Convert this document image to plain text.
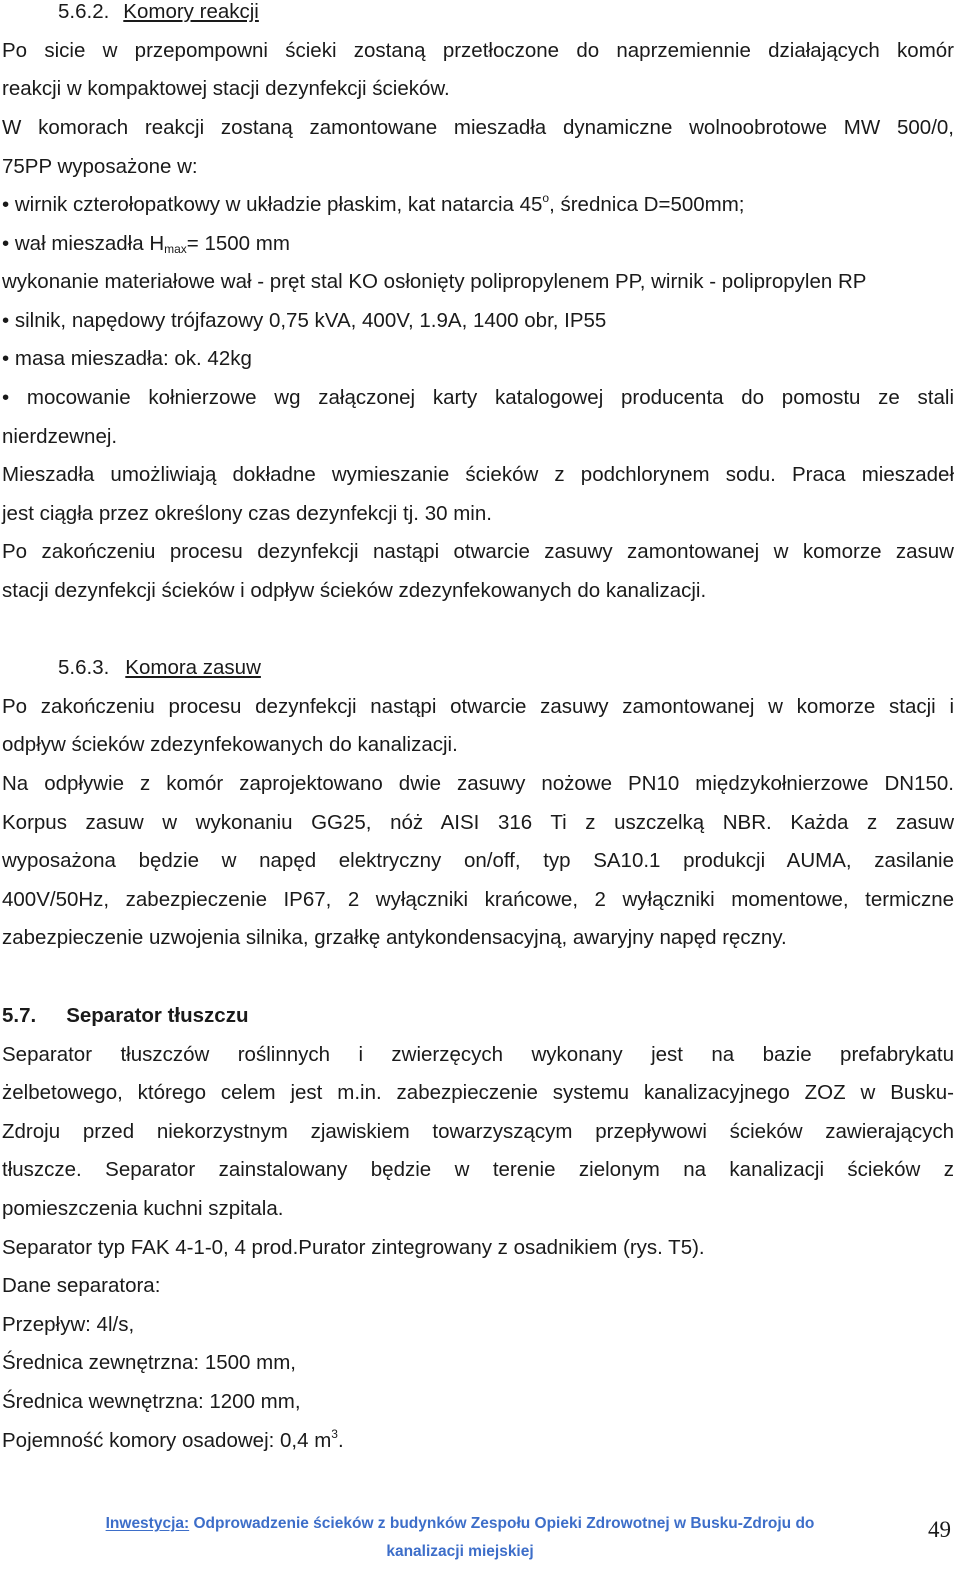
5.6.2. Komory reakcji
Po sicie w przepompowni ścieki zostaną przetłoczone do naprzemiennie działających komór
reakcji w kompaktowej stacji dezynfekcji ścieków.
W komorach reakcji zostaną zamontowane mieszadła dynamiczne wolnoobrotowe MW 500/0,
75PP wyposażone w:
• wirnik czterołopatkowy w układzie płaskim, kat natarcia 45$^o$, średnica D=500mm;
• wał mieszadła $H_{max}= 1500$ mm
wykonanie materiałowe wał - pręt stal KO osłonięty polipropylenem PP, wirnik - polipropylen RP
• silnik, napędowy trójfazowy 0,75 kVA, 400V, 1.9A, 1400 obr, IP55
• masa mieszadła: ok. 42kg
• mocowanie kołnierzowe wg załączonej karty katalogowej producenta do pomostu ze stali
nierdzewnej.
Mieszadła umożliwiają dokładne wymieszanie ścieków z podchlorynem sodu. Praca mieszadeł
jest ciągła przez określony czas dezynfekcji tj. 30 min.
Po zakończeniu procesu dezynfekcji nastąpi otwarcie zasuwy zamontowanej w komorze zasuw
stacji dezynfekcji ścieków i odpływ ścieków zdezynfekowanych do kanalizacji.
5.6.3. Komora zasuw
Po zakończeniu procesu dezynfekcji nastąpi otwarcie zasuwy zamontowanej w komorze stacji i
odpływ ścieków zdezynfekowanych do kanalizacji.
Na odpływie z komór zaprojektowano dwie zasuwy nożowe PN10 międzykołnierzowe DN150.
Korpus zasuw w wykonaniu GG25, nóż AISI 316 Ti z uszczelką NBR. Każda z zasuw
wyposażona będzie w napęd elektryczny on/off, typ SA10.1 produkcji AUMA, zasilanie
400V/50Hz, zabezpieczenie IP67, 2 wyłączniki krańcowe, 2 wyłączniki momentowe, termiczne
zabezpieczenie uzwojenia silnika, grzałkę antykondensacyjną, awaryjny napęd ręczny.
5.7. Separator tłuszczu
Separator tłuszczów roślinnych i zwierzęcych wykonany jest na bazie prefabrykatu
żelbetowego, którego celem jest m.in. zabezpieczenie systemu kanalizacyjnego ZOZ w Busku-
Zdroju przed niekorzystnym zjawiskiem towarzyszącym przepływowi ścieków zawierających
tłuszcze. Separator zainstalowany będzie w terenie zielonym na kanalizacji ścieków z
pomieszczenia kuchni szpitala.
Separator typ FAK 4-1-0, 4 prod.Purator zintegrowany z osadnikiem (rys. T5).
Dane separatora:
Przepływ: 4l/s,
Średnica zewnętrzna: 1500 mm,
Średnica wewnętrzna: 1200 mm,
Pojemność komory osadowej: 0,4 $m^3$.
Inwestycja: Odprowadzenie ścieków z budynków Zespołu Opieki Zdrowotnej w Busku-Zdroju do
kanalizacji miejskiej
49
